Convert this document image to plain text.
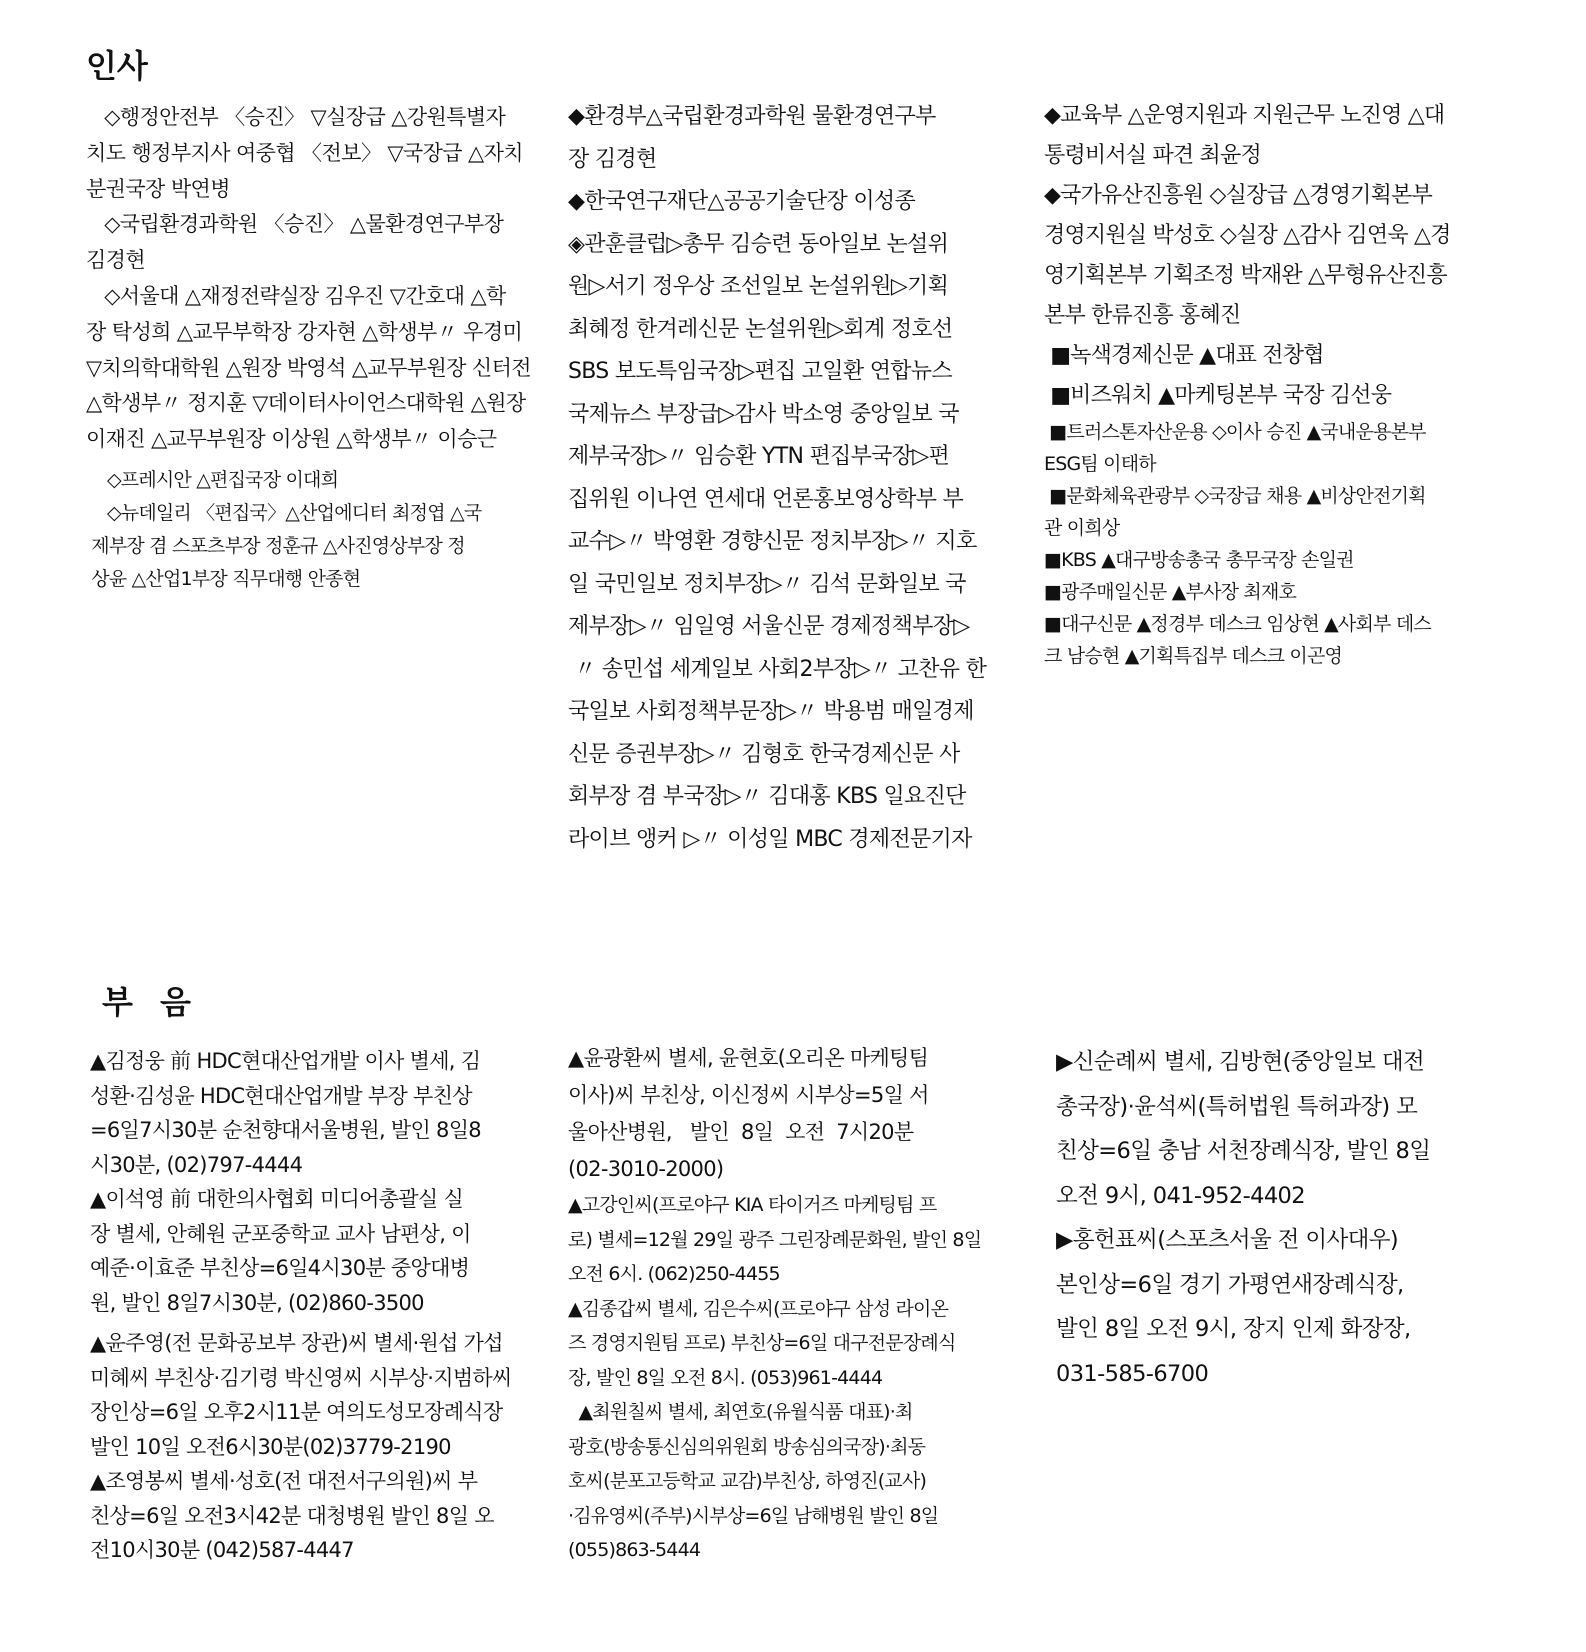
인사

◇행정안전부 〈승진〉 ▽실장급 △강원특별자

치도 행정부지사 여중협 〈전보〉 ▽국장급 △자치

분권국장 박연병

◇국립환경과학원 〈승진〉 △물환경연구부장

김경현

◇서울대 △재정전략실장 김우진 ▽간호대 △학

장 탁성희 △교무부학장 강자현 △학생부〃 우경미

▽치의학대학원 △원장 박영석 △교무부원장 신터전

△학생부〃 정지훈 ▽데이터사이언스대학원 △원장

이재진 △교무부원장 이상원 △학생부〃 이승근

◇프레시안 △편집국장 이대희

◇뉴데일리 〈편집국〉△산업에디터 최정엽 △국

제부장 겸 스포츠부장 정훈규 △사진영상부장 정

상윤 △산업1부장 직무대행 안종현

◆환경부△국립환경과학원 물환경연구부

장 김경현

◆한국연구재단△공공기술단장 이성종

◈관훈클럽▷총무 김승련 동아일보 논설위

원▷서기 정우상 조선일보 논설위원▷기획

최혜정 한겨레신문 논설위원▷회계 정호선

SBS 보도특임국장▷편집 고일환 연합뉴스

국제뉴스 부장급▷감사 박소영 중앙일보 국

제부국장▷〃 임승환 YTN 편집부국장▷편

집위원 이나연 연세대 언론홍보영상학부 부

교수▷〃 박영환 경향신문 정치부장▷〃 지호

일 국민일보 정치부장▷〃 김석 문화일보 국

제부장▷〃 임일영 서울신문 경제정책부장▷

〃 송민섭 세계일보 사회2부장▷〃 고찬유 한

국일보 사회정책부문장▷〃 박용범 매일경제

신문 증권부장▷〃 김형호 한국경제신문 사

회부장 겸 부국장▷〃 김대홍 KBS 일요진단

라이브 앵커 ▷〃 이성일 MBC 경제전문기자

◆교육부 △운영지원과 지원근무 노진영 △대

통령비서실 파견 최윤정

◆국가유산진흥원 ◇실장급 △경영기획본부

경영지원실 박성호 ◇실장 △감사 김연욱 △경

영기획본부 기획조정 박재완 △무형유산진흥

본부 한류진흥 홍혜진

■녹색경제신문 ▲대표 전창협

■비즈워치 ▲마케팅본부 국장 김선웅

■트러스톤자산운용 ◇이사 승진 ▲국내운용본부

ESG팀 이태하

■문화체육관광부 ◇국장급 채용 ▲비상안전기획

관 이희상

■KBS ▲대구방송총국 총무국장 손일권

■광주매일신문 ▲부사장 최재호

■대구신문 ▲정경부 데스크 임상현 ▲사회부 데스

크 남승현 ▲기획특집부 데스크 이곤영

부 음

▲김정웅 前 HDC현대산업개발 이사 별세, 김

성환·김성윤 HDC현대산업개발 부장 부친상

=6일7시30분 순천향대서울병원, 발인 8일8

시30분, (02)797-4444

▲이석영 前 대한의사협회 미디어총괄실 실

장 별세, 안혜원 군포중학교 교사 남편상, 이

예준·이효준 부친상=6일4시30분 중앙대병

원, 발인 8일7시30분, (02)860-3500

▲윤주영(전 문화공보부 장관)씨 별세·원섭 가섭

미혜씨 부친상·김기령 박신영씨 시부상·지범하씨

장인상=6일 오후2시11분 여의도성모장례식장

발인 10일 오전6시30분(02)3779-2190

▲조영봉씨 별세·성호(전 대전서구의원)씨 부

친상=6일 오전3시42분 대청병원 발인 8일 오

전10시30분 (042)587-4447

▲윤광환씨 별세, 윤현호(오리온 마케팅팀

이사)씨 부친상, 이신정씨 시부상=5일 서

울아산병원,   발인  8일  오전  7시20분

(02-3010-2000)

▲고강인씨(프로야구 KIA 타이거즈 마케팅팀 프

로) 별세=12월 29일 광주 그린장례문화원, 발인 8일

오전 6시. (062)250-4455

▲김종갑씨 별세, 김은수씨(프로야구 삼성 라이온

즈 경영지원팀 프로) 부친상=6일 대구전문장례식

장, 발인 8일 오전 8시. (053)961-4444

▲최원칠씨 별세, 최연호(유월식품 대표)·최

광호(방송통신심의위원회 방송심의국장)·최동

호씨(분포고등학교 교감)부친상, 하영진(교사)

·김유영씨(주부)시부상=6일 남해병원 발인 8일

(055)863-5444

▶신순례씨 별세, 김방현(중앙일보 대전

총국장)·윤석씨(특허법원 특허과장) 모

친상=6일 충남 서천장례식장, 발인 8일

오전 9시, 041-952-4402

▶홍헌표씨(스포츠서울 전 이사대우)

본인상=6일 경기 가평연새장례식장,

발인 8일 오전 9시, 장지 인제 화장장,

031-585-6700
